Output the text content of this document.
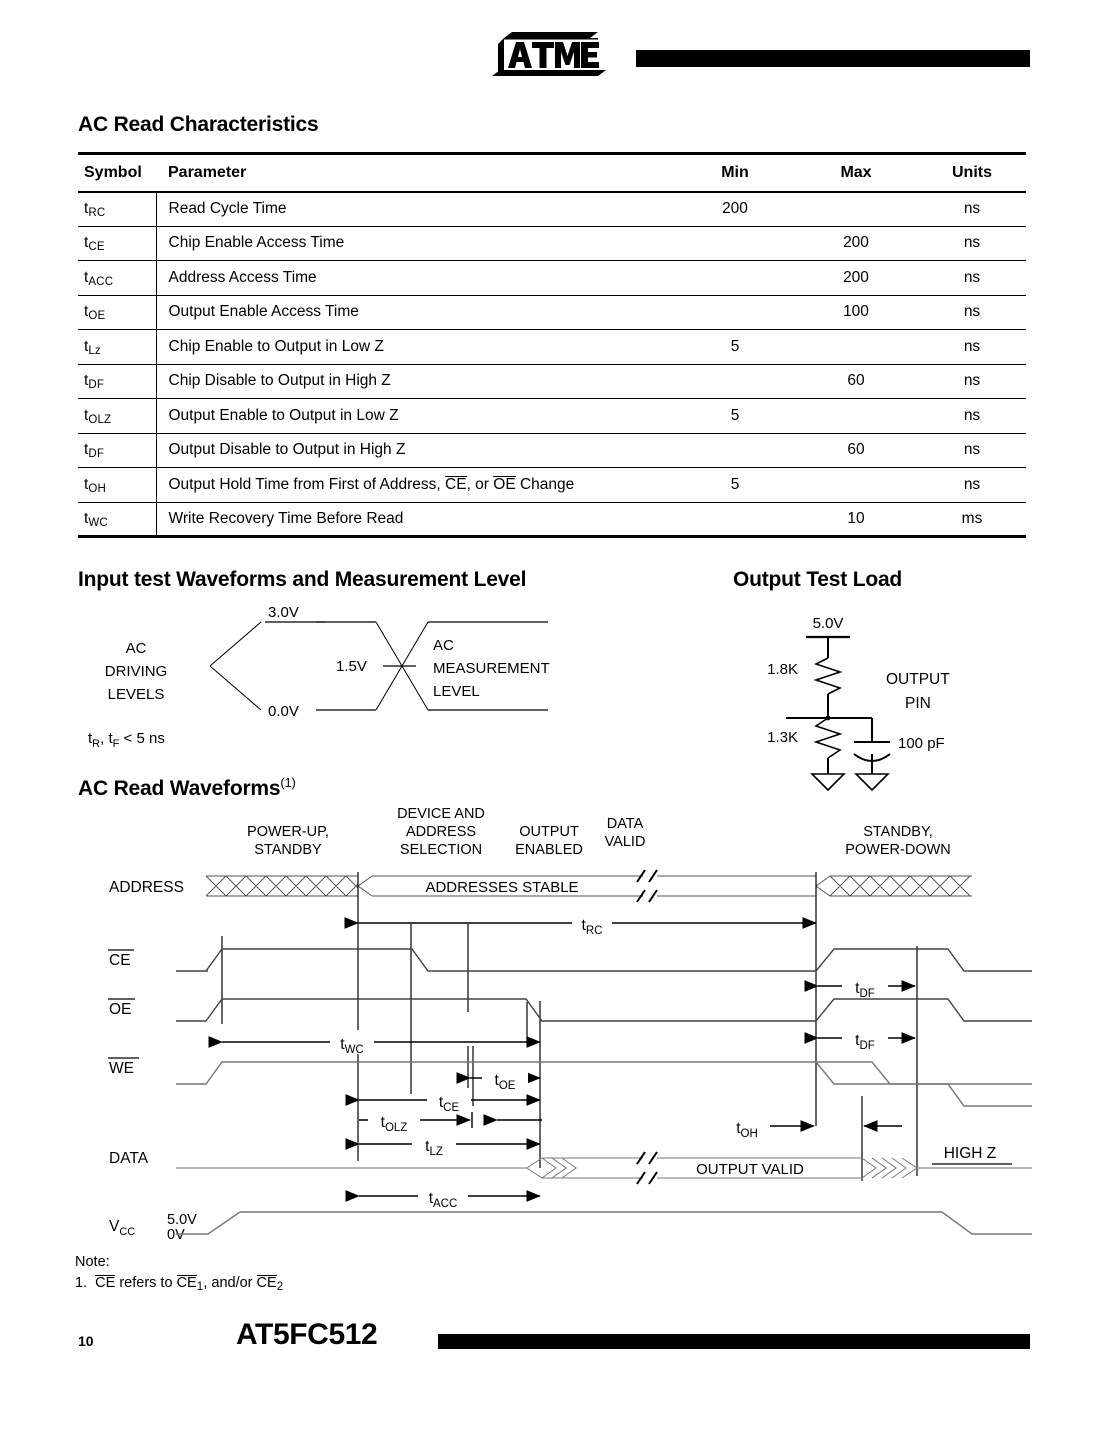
AC Read Characteristics
Symbol	Parameter	Min	Max	Units
tRC	Read Cycle Time	200		ns
tCE	Chip Enable Access Time		200	ns
tACC	Address Access Time		200	ns
tOE	Output Enable Access Time		100	ns
tLz	Chip Enable to Output in Low Z	5		ns
tDF	Chip Disable to Output in High Z		60	ns
tOLZ	Output Enable to Output in Low Z	5		ns
tDF	Output Disable to Output in High Z		60	ns
tOH	Output Hold Time from First of Address, CE, or OE Change	5		ns
tWC	Write Recovery Time Before Read		10	ms
Input test Waveforms and Measurement Level
AC
DRIVING
LEVELS
3.0V
0.0V
1.5V
AC
MEASUREMENT
LEVEL
$t_R$, $t_F < 5$ ns
Output Test Load
5.0V
1.8K
OUTPUT
PIN
1.3K	100 pF
AC Read Waveforms$^{(1)}$
POWER-UP,
STANDBY
DEVICE AND
ADDRESS
SELECTION
OUTPUT
ENABLED
DATA
VALID
STANDBY,
POWER-DOWN
ADDRESS
CE
OE
WE
DATA
$V_{CC}$
5.0V
0V
ADDRESSES STABLE
$t_{RC}$
$t_{WC}$
$t_{OE}$
$t_{CE}$
$t_{OLZ}$
$t_{LZ}$
OUTPUT VALID
HIGH Z
$t_{ACC}$
$t_{DF}$
$t_{DF}$
$t_{OH}$
Note:
1. CE refers to $CE_1$, and/or $CE_2$
10	AT5FC512
